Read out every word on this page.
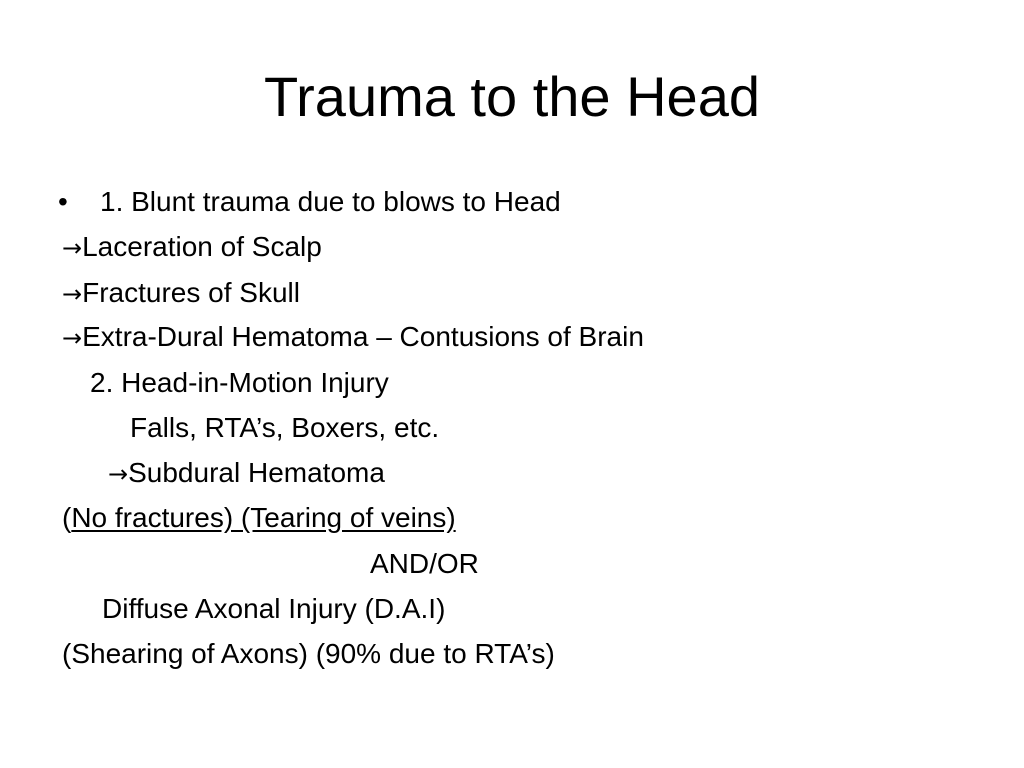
Trauma to the Head
• 1. Blunt trauma due to blows to Head
→Laceration of Scalp
→Fractures of Skull
→Extra-Dural Hematoma – Contusions of Brain
2. Head-in-Motion Injury
Falls, RTA’s, Boxers, etc.
→Subdural Hematoma
(No fractures) (Tearing of veins)
AND/OR
Diffuse Axonal Injury (D.A.I)
(Shearing of Axons) (90% due to RTA’s)
